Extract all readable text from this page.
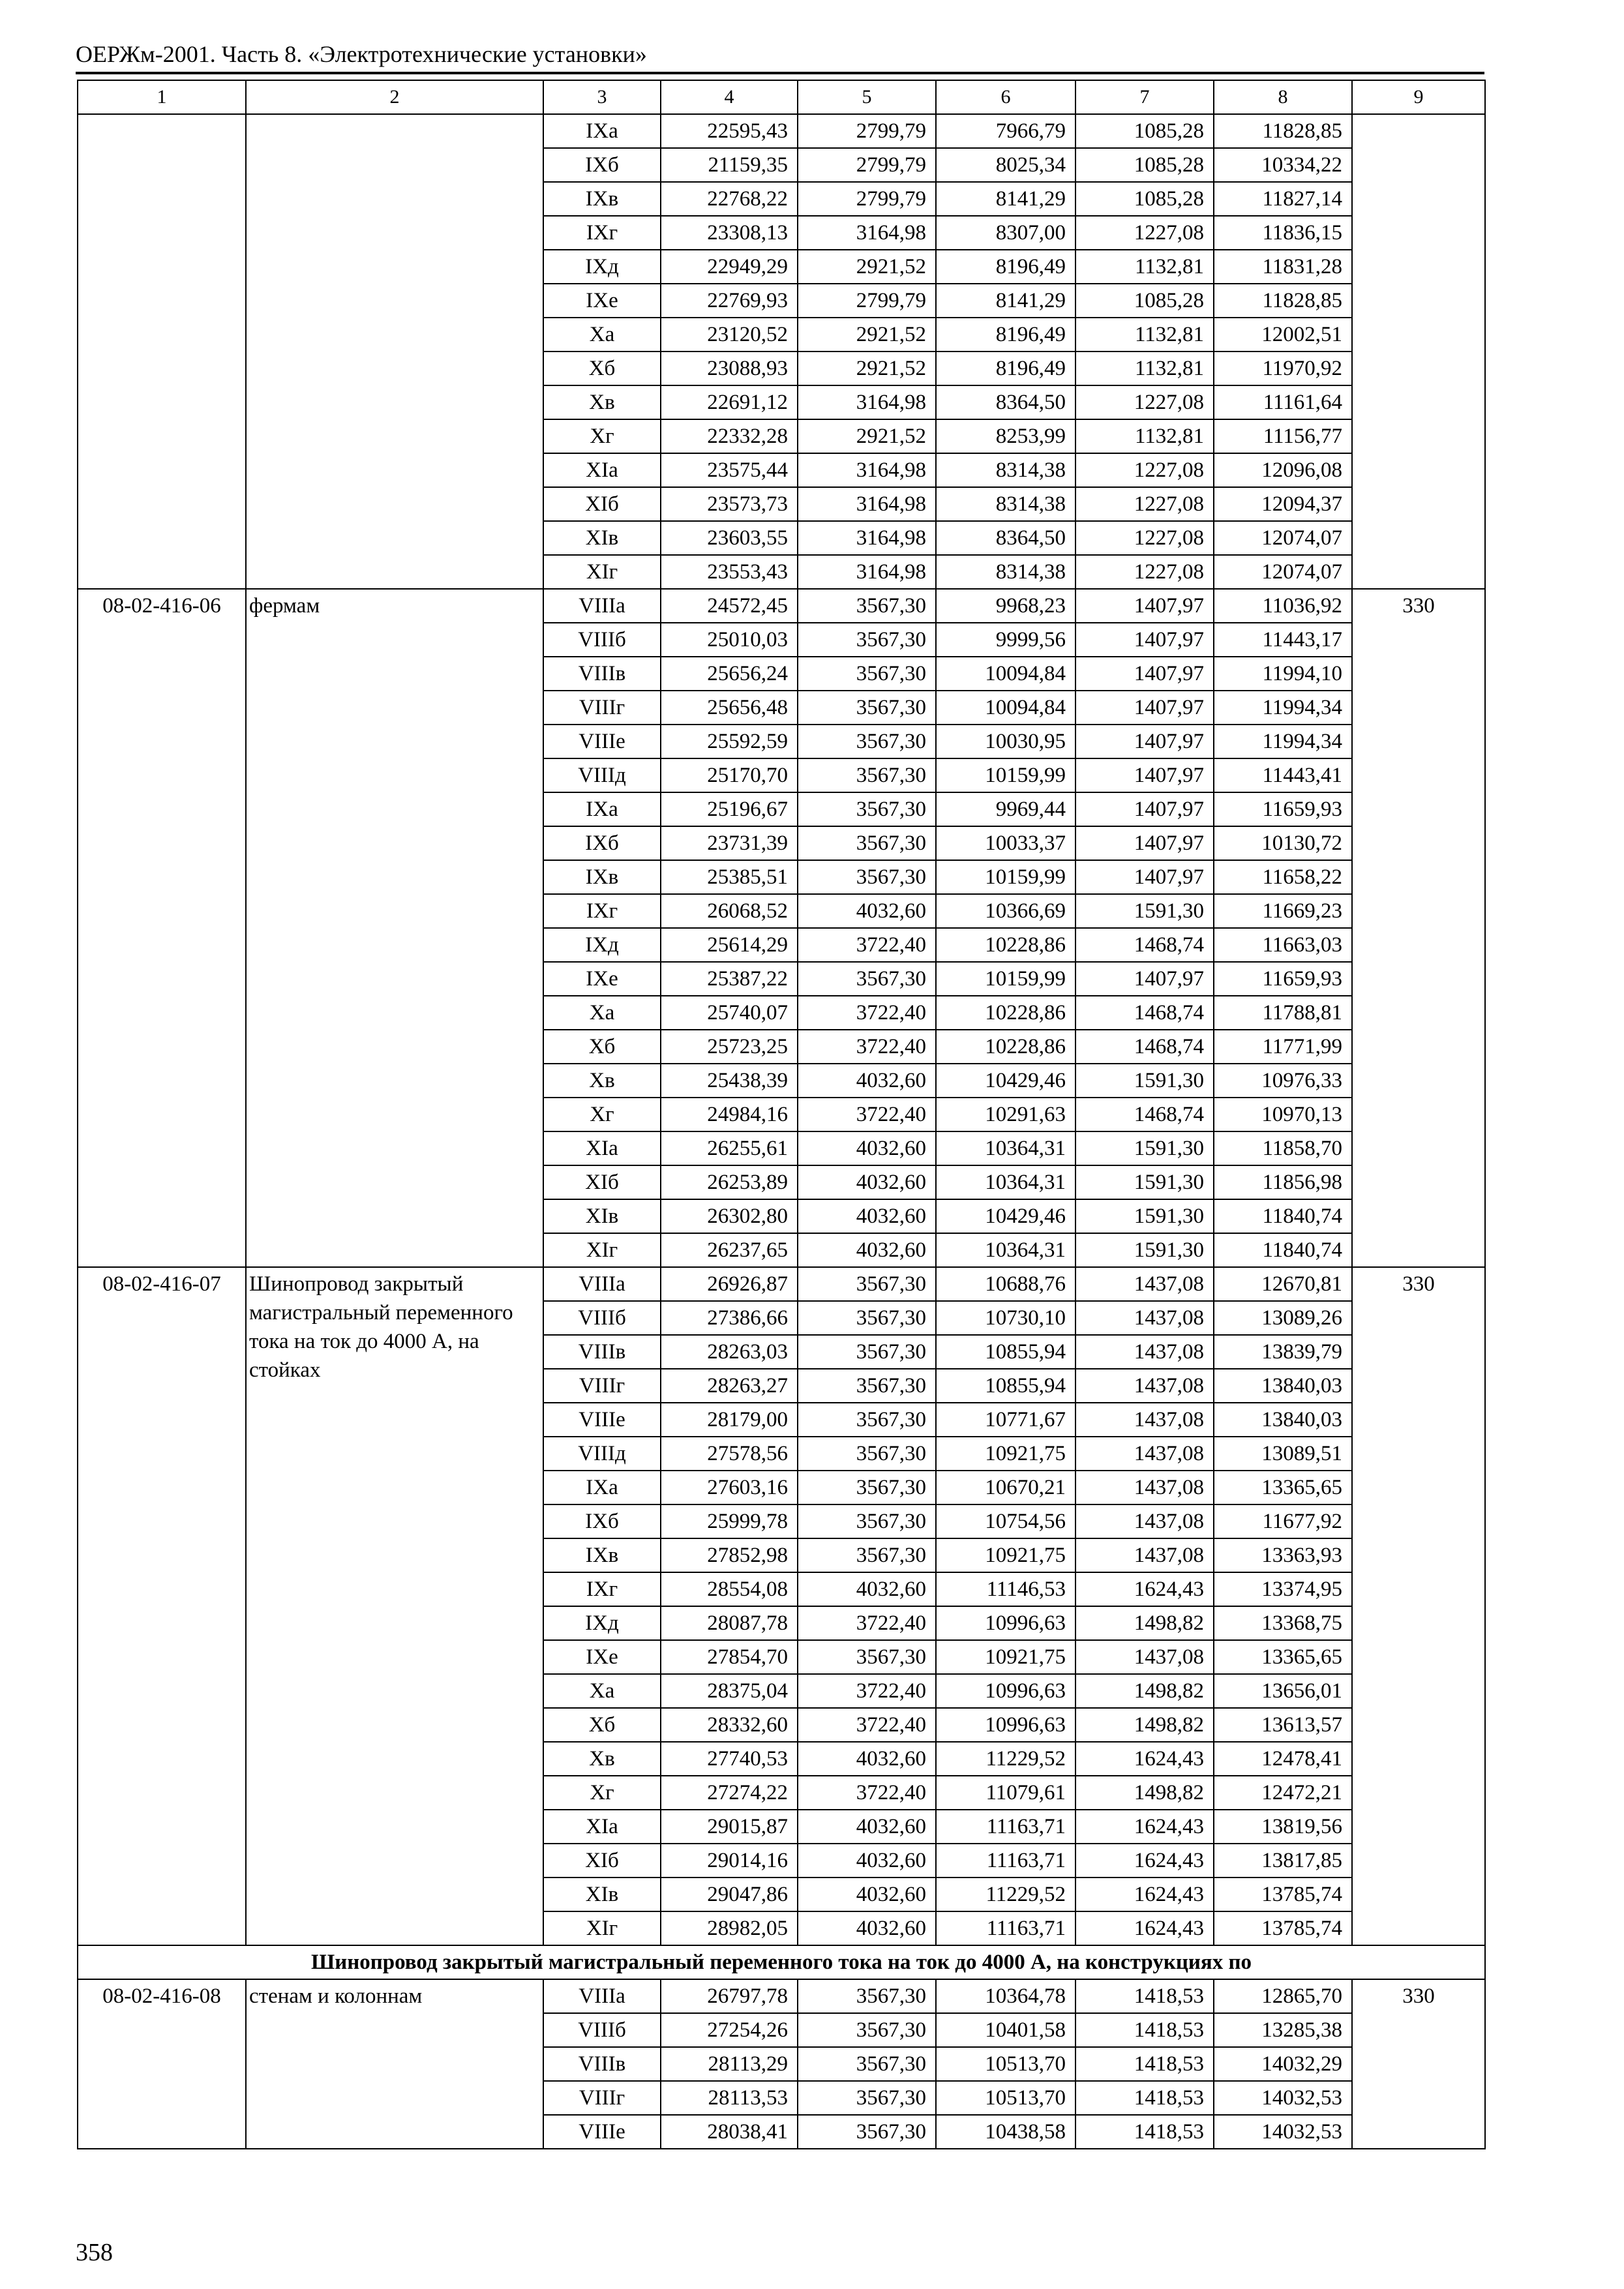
ОЕРЖм-2001. Часть 8. «Электротехнические установки»
1	2	3	4	5	6	7	8	9
		IXа	22595,43	2799,79	7966,79	1085,28	11828,85	
		IXб	21159,35	2799,79	8025,34	1085,28	10334,22	
		IXв	22768,22	2799,79	8141,29	1085,28	11827,14	
		IXг	23308,13	3164,98	8307,00	1227,08	11836,15	
		IXд	22949,29	2921,52	8196,49	1132,81	11831,28	
		IXе	22769,93	2799,79	8141,29	1085,28	11828,85	
		Xа	23120,52	2921,52	8196,49	1132,81	12002,51	
		Xб	23088,93	2921,52	8196,49	1132,81	11970,92	
		Xв	22691,12	3164,98	8364,50	1227,08	11161,64	
		Xг	22332,28	2921,52	8253,99	1132,81	11156,77	
		XIа	23575,44	3164,98	8314,38	1227,08	12096,08	
		XIб	23573,73	3164,98	8314,38	1227,08	12094,37	
		XIв	23603,55	3164,98	8364,50	1227,08	12074,07	
		XIг	23553,43	3164,98	8314,38	1227,08	12074,07	
08-02-416-06	фермам	VIIIа	24572,45	3567,30	9968,23	1407,97	11036,92	330
		VIIIб	25010,03	3567,30	9999,56	1407,97	11443,17	
		VIIIв	25656,24	3567,30	10094,84	1407,97	11994,10	
		VIIIг	25656,48	3567,30	10094,84	1407,97	11994,34	
		VIIIе	25592,59	3567,30	10030,95	1407,97	11994,34	
		VIIIд	25170,70	3567,30	10159,99	1407,97	11443,41	
		IXа	25196,67	3567,30	9969,44	1407,97	11659,93	
		IXб	23731,39	3567,30	10033,37	1407,97	10130,72	
		IXв	25385,51	3567,30	10159,99	1407,97	11658,22	
		IXг	26068,52	4032,60	10366,69	1591,30	11669,23	
		IXд	25614,29	3722,40	10228,86	1468,74	11663,03	
		IXе	25387,22	3567,30	10159,99	1407,97	11659,93	
		Xа	25740,07	3722,40	10228,86	1468,74	11788,81	
		Xб	25723,25	3722,40	10228,86	1468,74	11771,99	
		Xв	25438,39	4032,60	10429,46	1591,30	10976,33	
		Xг	24984,16	3722,40	10291,63	1468,74	10970,13	
		XIа	26255,61	4032,60	10364,31	1591,30	11858,70	
		XIб	26253,89	4032,60	10364,31	1591,30	11856,98	
		XIв	26302,80	4032,60	10429,46	1591,30	11840,74	
		XIг	26237,65	4032,60	10364,31	1591,30	11840,74	
08-02-416-07	Шинопровод закрытый магистральный переменного тока на ток до 4000 А, на стойках	VIIIа	26926,87	3567,30	10688,76	1437,08	12670,81	330
		VIIIб	27386,66	3567,30	10730,10	1437,08	13089,26	
		VIIIв	28263,03	3567,30	10855,94	1437,08	13839,79	
		VIIIг	28263,27	3567,30	10855,94	1437,08	13840,03	
		VIIIе	28179,00	3567,30	10771,67	1437,08	13840,03	
		VIIIд	27578,56	3567,30	10921,75	1437,08	13089,51	
		IXа	27603,16	3567,30	10670,21	1437,08	13365,65	
		IXб	25999,78	3567,30	10754,56	1437,08	11677,92	
		IXв	27852,98	3567,30	10921,75	1437,08	13363,93	
		IXг	28554,08	4032,60	11146,53	1624,43	13374,95	
		IXд	28087,78	3722,40	10996,63	1498,82	13368,75	
		IXе	27854,70	3567,30	10921,75	1437,08	13365,65	
		Xа	28375,04	3722,40	10996,63	1498,82	13656,01	
		Xб	28332,60	3722,40	10996,63	1498,82	13613,57	
		Xв	27740,53	4032,60	11229,52	1624,43	12478,41	
		Xг	27274,22	3722,40	11079,61	1498,82	12472,21	
		XIа	29015,87	4032,60	11163,71	1624,43	13819,56	
		XIб	29014,16	4032,60	11163,71	1624,43	13817,85	
		XIв	29047,86	4032,60	11229,52	1624,43	13785,74	
		XIг	28982,05	4032,60	11163,71	1624,43	13785,74	
Шинопровод закрытый магистральный переменного тока на ток до 4000 А, на конструкциях по								
08-02-416-08	стенам и колоннам	VIIIа	26797,78	3567,30	10364,78	1418,53	12865,70	330
		VIIIб	27254,26	3567,30	10401,58	1418,53	13285,38	
		VIIIв	28113,29	3567,30	10513,70	1418,53	14032,29	
		VIIIг	28113,53	3567,30	10513,70	1418,53	14032,53	
		VIIIе	28038,41	3567,30	10438,58	1418,53	14032,53	
358
